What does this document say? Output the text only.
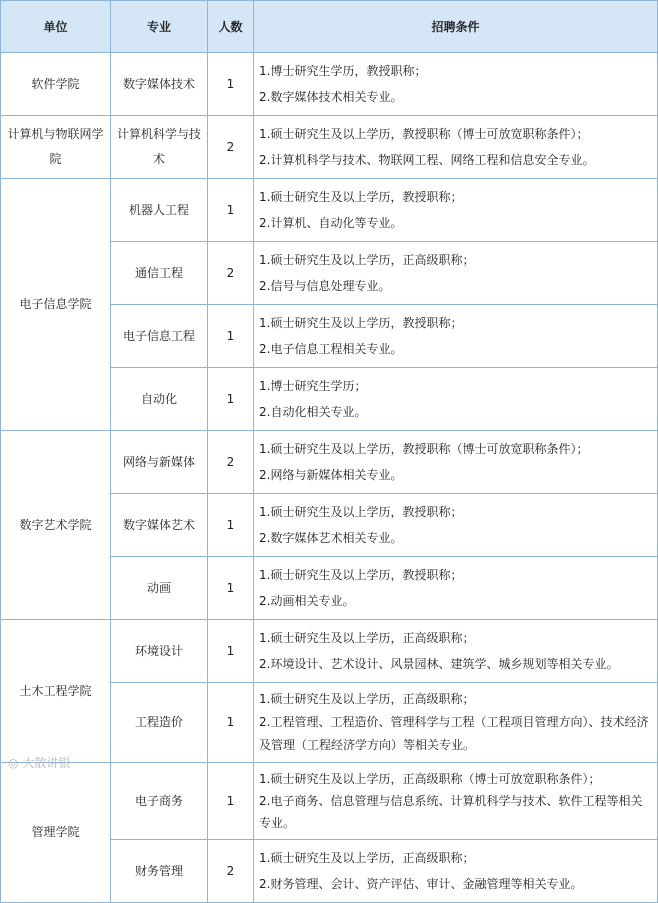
单位	专业	人数	招聘条件
软件学院	数字媒体技术	1	1.博士研究生学历，教授职称；
2.数字媒体技术相关专业。

计算机与物联网学院	计算机科学与技术	2	1.硕士研究生及以上学历，教授职称（博士可放宽职称条件）；
2.计算机科学与技术、物联网工程、网络工程和信息安全专业。

电子信息学院	机器人工程	1	1.硕士研究生及以上学历，教授职称；
2.计算机、自动化等专业。

	通信工程	2	1.硕士研究生及以上学历，正高级职称；
2.信号与信息处理专业。

	电子信息工程	1	1.硕士研究生及以上学历，教授职称；
2.电子信息工程相关专业。

	自动化	1	1.博士研究生学历；
2.自动化相关专业。

数字艺术学院	网络与新媒体	2	1.硕士研究生及以上学历，教授职称（博士可放宽职称条件）；
2.网络与新媒体相关专业。

	数字媒体艺术	1	1.硕士研究生及以上学历，教授职称；
2.数字媒体艺术相关专业。

	动画	1	1.硕士研究生及以上学历，教授职称；
2.动画相关专业。

土木工程学院	环境设计	1	1.硕士研究生及以上学历，正高级职称；
2.环境设计、艺术设计、风景园林、建筑学、城乡规划等相关专业。

	工程造价	1	1.硕士研究生及以上学历，正高级职称；
2.工程管理、工程造价、管理科学与工程（工程项目管理方向）、技术经济及管理（工程经济学方向）等相关专业。

管理学院	电子商务	1	1.硕士研究生及以上学历，正高级职称（博士可放宽职称条件）；
2.电子商务、信息管理与信息系统、计算机科学与技术、软件工程等相关专业。

	财务管理	2	1.硕士研究生及以上学历，正高级职称；
2.财务管理、会计、资产评估、审计、金融管理等相关专业。
◎ 大散讲银
